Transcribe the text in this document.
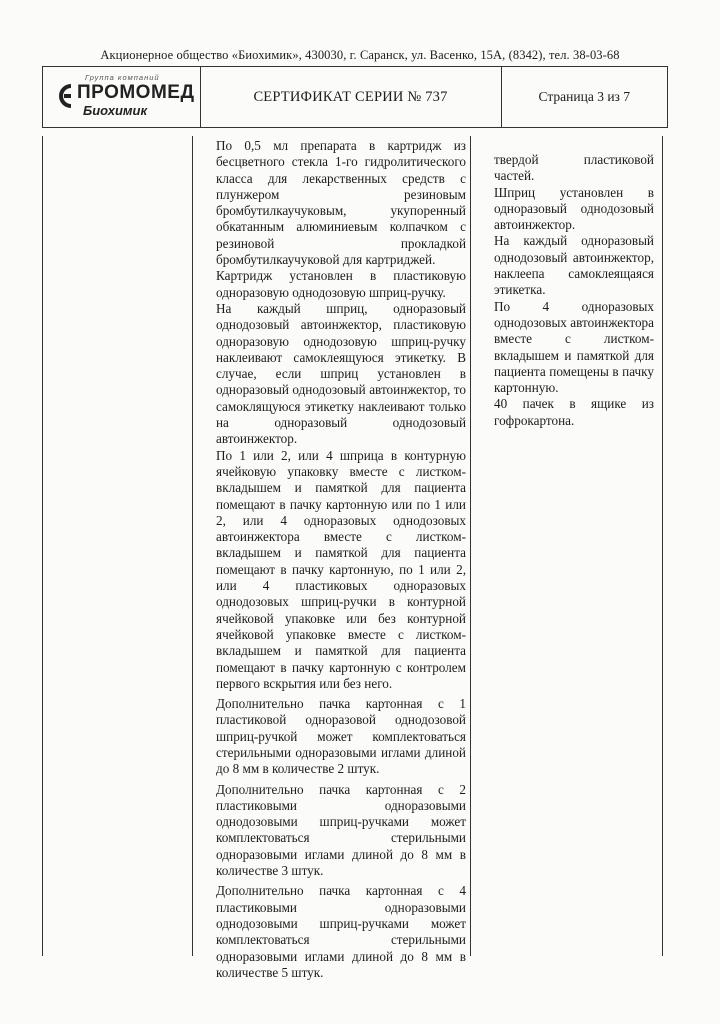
Акционерное общество «Биохимик», 430030, г. Саранск, ул. Васенко, 15А, (8342), тел. 38-03-68
Группа компаний
ПРОМОМЕД
Биохимик
СЕРТИФИКАТ СЕРИИ № 737	Страница 3 из 7

По 0,5 мл препарата в картридж из бесцветного стекла 1-го гидролитического класса для лекарственных средств с плунжером резиновым бромбутилкаучуковым, укупоренный обкатанным алюминиевым колпачком с резиновой прокладкой бромбутилкаучуковой для картриджей.

Картридж установлен в пластиковую одноразовую однодозовую шприц-ручку.

На каждый шприц, одноразовый однодозовый автоинжектор, пластиковую одноразовую однодозовую шприц-ручку наклеивают самоклеящуюся этикетку. В случае, если шприц установлен в одноразовый однодозовый автоинжектор, то самоклящуюся этикетку наклеивают только на одноразовый однодозовый автоинжектор.

По 1 или 2, или 4 шприца в контурную ячейковую упаковку вместе с листком-вкладышем и памяткой для пациента помещают в пачку картонную или по 1 или 2, или 4 одноразовых однодозовых автоинжектора вместе с листком-вкладышем и памяткой для пациента помещают в пачку картонную, по 1 или 2, или 4 пластиковых одноразовых однодозовых шприц-ручки в контурной ячейковой упаковке или без контурной ячейковой упаковке вместе с листком-вкладышем и памяткой для пациента помещают в пачку картонную с контролем первого вскрытия или без него.

Дополнительно пачка картонная с 1 пластиковой одноразовой однодозовой шприц-ручкой может комплектоваться стерильными одноразовыми иглами длиной до 8 мм в количестве 2 штук.

Дополнительно пачка картонная с 2 пластиковыми одноразовыми однодозовыми шприц-ручками может комплектоваться стерильными одноразовыми иглами длиной до 8 мм в количестве 3 штук.

Дополнительно пачка картонная с 4 пластиковыми одноразовыми однодозовыми шприц-ручками может комплектоваться стерильными одноразовыми иглами длиной до 8 мм в количестве 5 штук.

твердой пластиковой частей.

Шприц установлен в одноразовый однодозовый автоинжектор.

На каждый одноразовый однодозовый автоинжектор, наклеепа самоклеящаяся этикетка.

По 4 одноразовых однодозовых автоинжектора вместе с листком-вкладышем и памяткой для пациента помещены в пачку картонную.

40 пачек в ящике из гофрокартона.
